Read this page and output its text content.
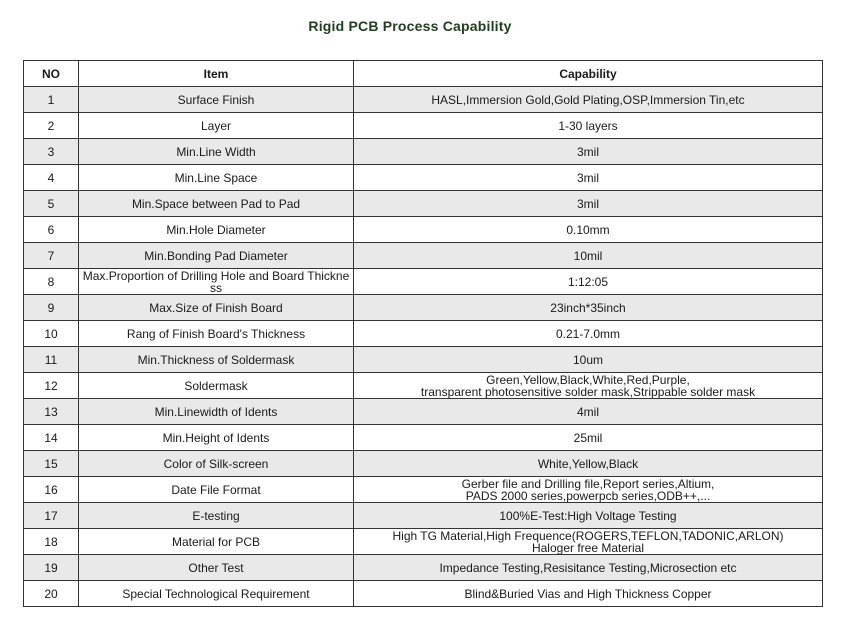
Rigid PCB Process Capability
NO	Item	Capability

1	Surface Finish	HASL,Immersion Gold,Gold Plating,OSP,Immersion Tin,etc

2	Layer	1-30 layers

3	Min.Line Width	3mil

4	Min.Line Space	3mil

5	Min.Space between Pad to Pad	3mil

6	Min.Hole Diameter	0.10mm

7	Min.Bonding Pad Diameter	10mil

8	Max.Proportion of Drilling Hole and Board Thickness	1:12:05

9	Max.Size of Finish Board	23inch*35inch

10	Rang of Finish Board's Thickness	0.21-7.0mm

11	Min.Thickness of Soldermask	10um

12	Soldermask	Green,Yellow,Black,White,Red,Purple,
transparent photosensitive solder mask,Strippable solder mask

13	Min.Linewidth of Idents	4mil

14	Min.Height of Idents	25mil

15	Color of Silk-screen	White,Yellow,Black

16	Date File Format	Gerber file and Drilling file,Report series,Altium,
PADS 2000 series,powerpcb series,ODB++,...

17	E-testing	100%E-Test:High Voltage Testing

18	Material for PCB	High TG Material,High Frequence(ROGERS,TEFLON,TADONIC,ARLON)
Haloger free Material

19	Other Test	Impedance Testing,Resisitance Testing,Microsection etc

20	Special Technological Requirement	Blind&Buried Vias and High Thickness Copper
